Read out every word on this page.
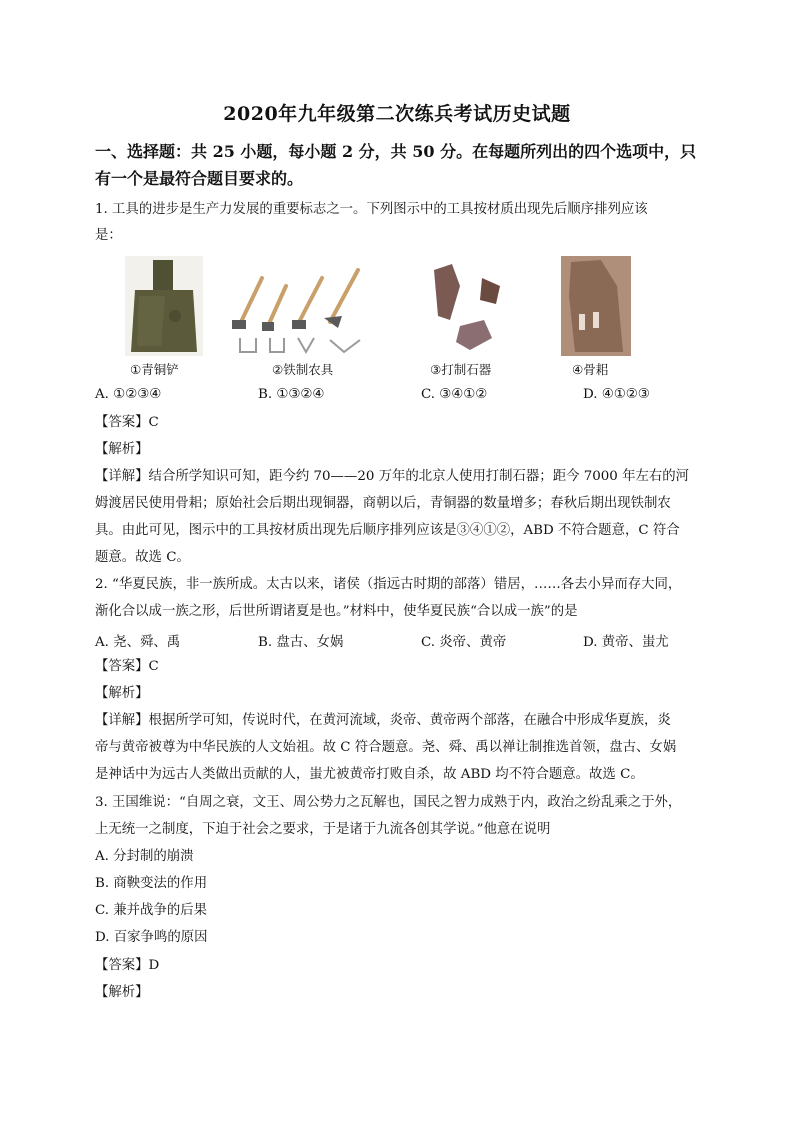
2020年九年级第二次练兵考试历史试题
一、选择题：共 25 小题，每小题 2 分，共 50 分。在每题所列出的四个选项中，只有一个是最符合题目要求的。
1. 工具的进步是生产力发展的重要标志之一。下列图示中的工具按材质出现先后顺序排列应该
是：
①青铜铲	②铁制农具	③打制石器	④骨耜
A. ①②③④	B. ①③②④	C. ③④①②	D. ④①②③
【答案】C
【解析】
【详解】结合所学知识可知，距今约 70——20 万年的北京人使用打制石器；距今 7000 年左右的河
姆渡居民使用骨耜；原始社会后期出现铜器，商朝以后，青铜器的数量增多；春秋后期出现铁制农
具。由此可见，图示中的工具按材质出现先后顺序排列应该是③④①②，ABD 不符合题意，C 符合
题意。故选 C。
2. “华夏民族，非一族所成。太古以来，诸侯（指远古时期的部落）错居，……各去小异而存大同，
渐化合以成一族之形，后世所谓诸夏是也。”材料中，使华夏民族“合以成一族”的是
A. 尧、舜、禹	B. 盘古、女娲	C. 炎帝、黄帝	D. 黄帝、蚩尤
【答案】C
【解析】
【详解】根据所学可知，传说时代，在黄河流域，炎帝、黄帝两个部落，在融合中形成华夏族，炎
帝与黄帝被尊为中华民族的人文始祖。故 C 符合题意。尧、舜、禹以禅让制推选首领，盘古、女娲
是神话中为远古人类做出贡献的人，蚩尤被黄帝打败自杀，故 ABD 均不符合题意。故选 C。
3. 王国维说：“自周之衰，文王、周公势力之瓦解也，国民之智力成熟于内，政治之纷乱乘之于外，
上无统一之制度，下迫于社会之要求，于是诸于九流各创其学说。”他意在说明
A. 分封制的崩溃
B. 商鞅变法的作用
C. 兼并战争的后果
D. 百家争鸣的原因
【答案】D
【解析】
